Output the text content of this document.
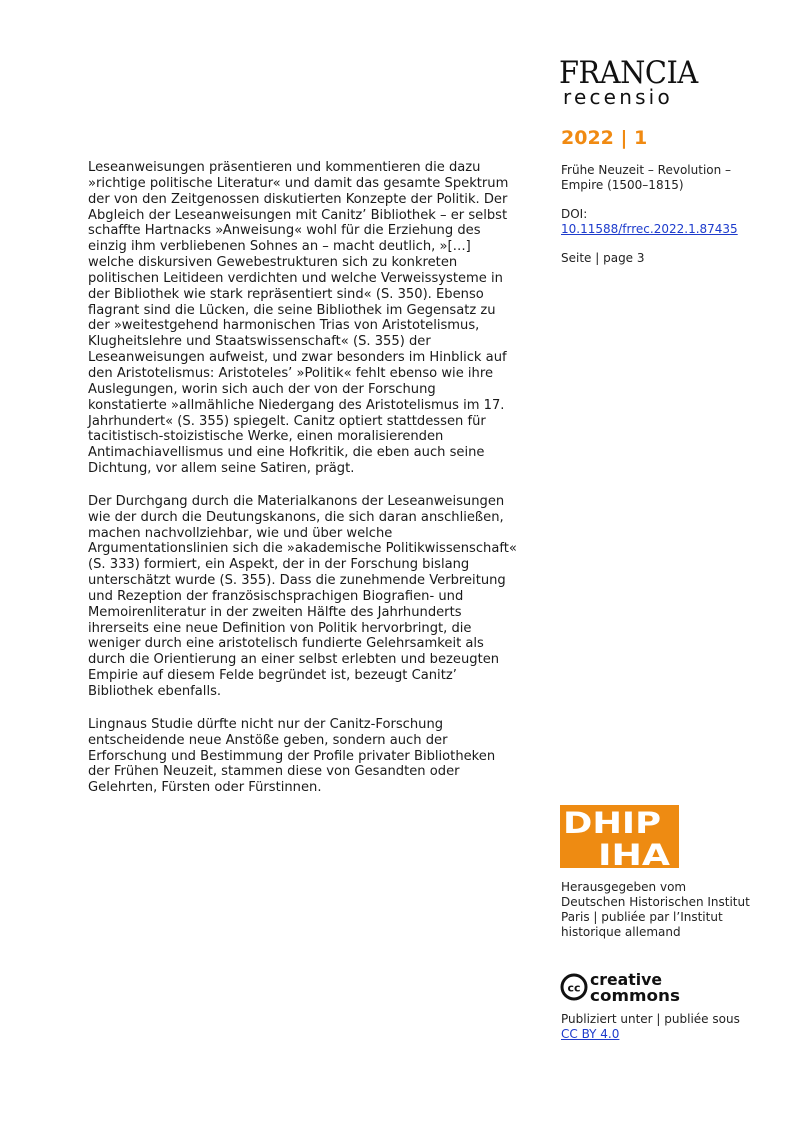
FRANCIA
recensio
2022 | 1
Frühe Neuzeit – Revolution – Empire (1500–1815)
DOI:
10.11588/frrec.2022.1.87435
Seite | page 3

Leseanweisungen präsentieren und kommentieren die dazu »richtige politische Literatur« und damit das gesamte Spektrum der von den Zeitgenossen diskutierten Konzepte der Politik. Der Abgleich der Leseanweisungen mit Canitz’ Bibliothek – er selbst schaffte Hartnacks »Anweisung« wohl für die Erziehung des einzig ihm verbliebenen Sohnes an – macht deutlich, »[…] welche diskursiven Gewebestrukturen sich zu konkreten politischen Leitideen verdichten und welche Verweissysteme in der Bibliothek wie stark repräsentiert sind« (S. 350). Ebenso flagrant sind die Lücken, die seine Bibliothek im Gegensatz zu der »weitestgehend harmonischen Trias von Aristotelismus, Klugheitslehre und Staatswissenschaft« (S. 355) der Leseanweisungen aufweist, und zwar besonders im Hinblick auf den Aristotelismus: Aristoteles’ »Politik« fehlt ebenso wie ihre Auslegungen, worin sich auch der von der Forschung konstatierte »allmähliche Niedergang des Aristotelismus im 17. Jahrhundert« (S. 355) spiegelt. Canitz optiert stattdessen für tacitistisch-stoizistische Werke, einen moralisierenden Antimachiavellismus und eine Hofkritik, die eben auch seine Dichtung, vor allem seine Satiren, prägt.

Der Durchgang durch die Materialkanons der Leseanweisungen wie der durch die Deutungskanons, die sich daran anschließen, machen nachvollziehbar, wie und über welche Argumentationslinien sich die »akademische Politikwissenschaft« (S. 333) formiert, ein Aspekt, der in der Forschung bislang unterschätzt wurde (S. 355). Dass die zunehmende Verbreitung und Rezeption der französischsprachigen Biografien- und Memoirenliteratur in der zweiten Hälfte des Jahrhunderts ihrerseits eine neue Definition von Politik hervorbringt, die weniger durch eine aristotelisch fundierte Gelehrsamkeit als durch die Orientierung an einer selbst erlebten und bezeugten Empirie auf diesem Felde begründet ist, bezeugt Canitz’ Bibliothek ebenfalls.

Lingnaus Studie dürfte nicht nur der Canitz-Forschung entscheidende neue Anstöße geben, sondern auch der Erforschung und Bestimmung der Profile privater Bibliotheken der Frühen Neuzeit, stammen diese von Gesandten oder Gelehrten, Fürsten oder Fürstinnen.

DHIP
IHA
Herausgegeben vom Deutschen Historischen Institut Paris | publiée par l’Institut historique allemand
cc creative
commons
Publiziert unter | publiée sous
CC BY 4.0
